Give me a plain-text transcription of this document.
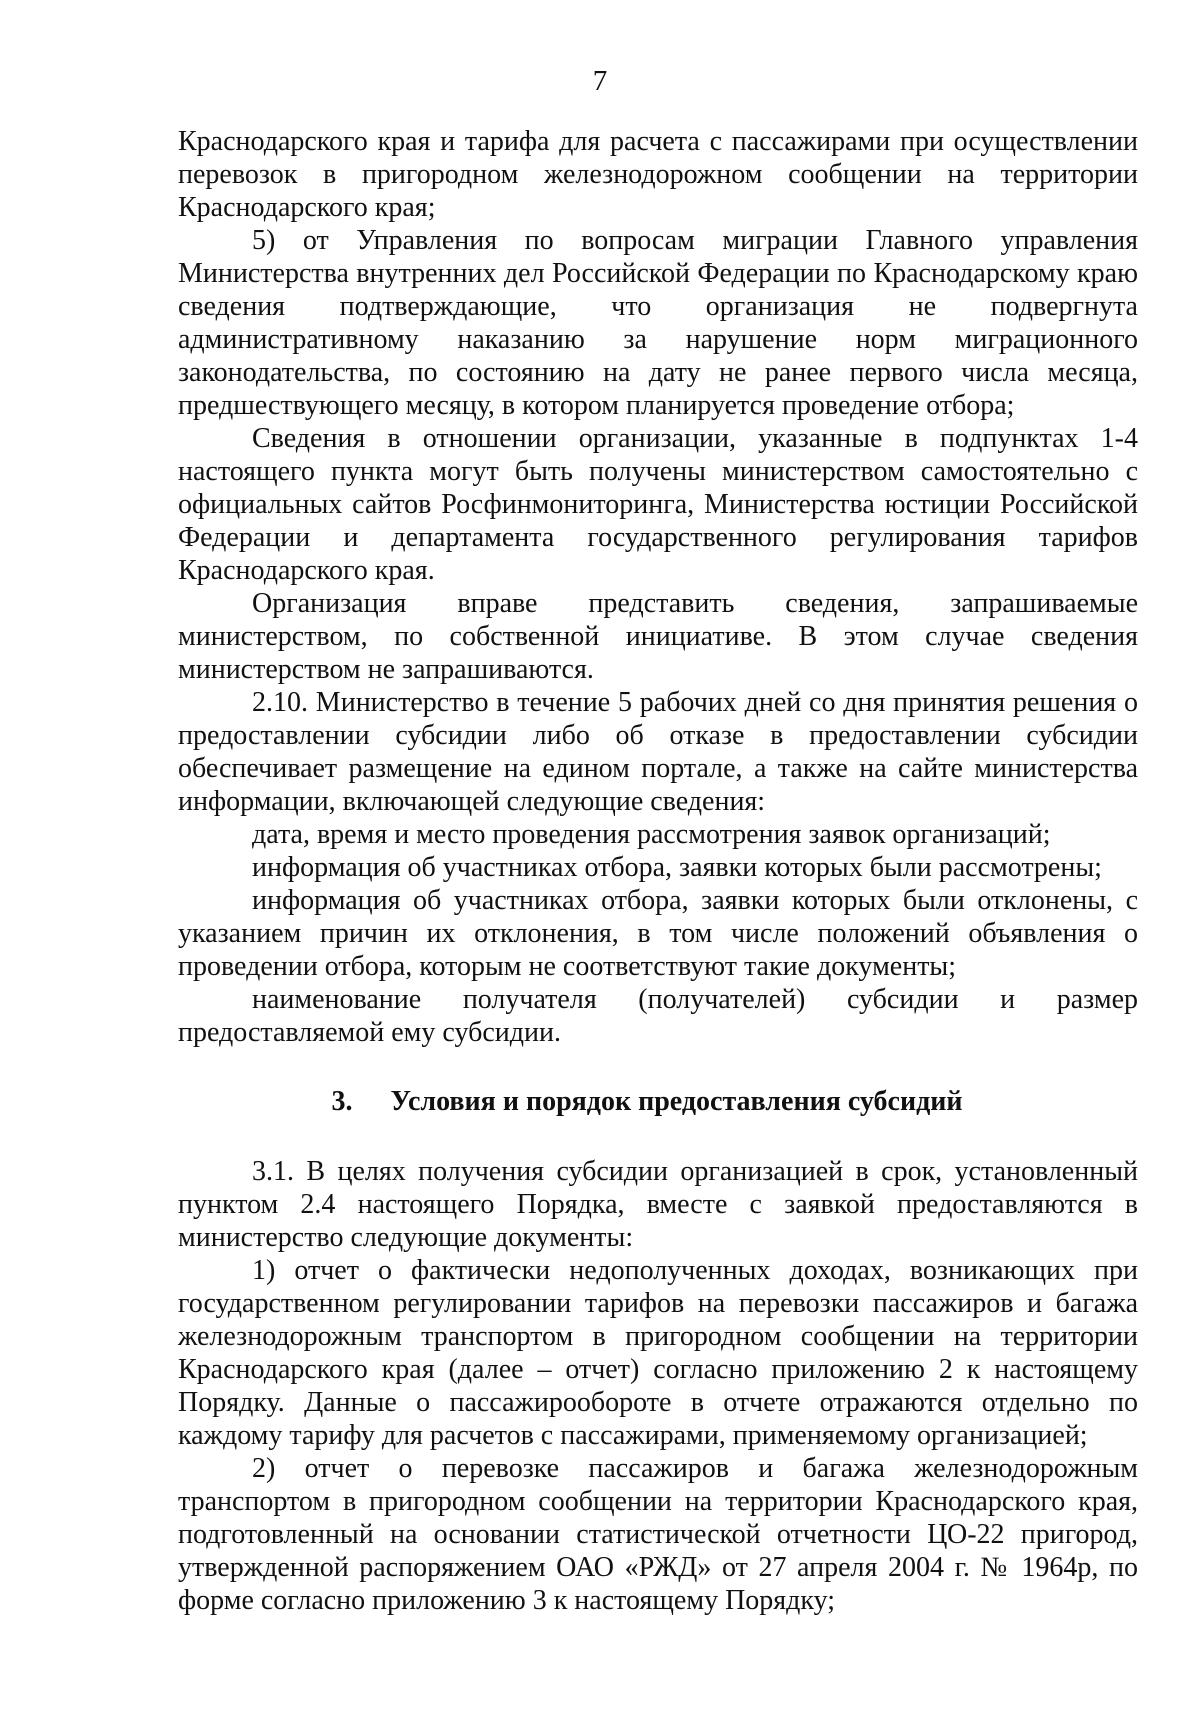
7

Краснодарского края и тарифа для расчета с пассажирами при осуществлении перевозок в пригородном железнодорожном сообщении на территории Краснодарского края;

5) от Управления по вопросам миграции Главного управления Министерства внутренних дел Российской Федерации по Краснодарскому краю сведения подтверждающие, что организация не подвергнута административному наказанию за нарушение норм миграционного законодательства, по состоянию на дату не ранее первого числа месяца, предшествующего месяцу, в котором планируется проведение отбора;

Сведения в отношении организации, указанные в подпунктах 1-4 настоящего пункта могут быть получены министерством самостоятельно с официальных сайтов Росфинмониторинга, Министерства юстиции Российской Федерации и департамента государственного регулирования тарифов Краснодарского края.

Организация вправе представить сведения, запрашиваемые министерством, по собственной инициативе. В этом случае сведения министерством не запрашиваются.

2.10. Министерство в течение 5 рабочих дней со дня принятия решения о предоставлении субсидии либо об отказе в предоставлении субсидии обеспечивает размещение на едином портале, а также на сайте министерства информации, включающей следующие сведения:

дата, время и место проведения рассмотрения заявок организаций;

информация об участниках отбора, заявки которых были рассмотрены;

информация об участниках отбора, заявки которых были отклонены, с указанием причин их отклонения, в том числе положений объявления о проведении отбора, которым не соответствуют такие документы;

наименование получателя (получателей) субсидии и размер предоставляемой ему субсидии.

3. Условия и порядок предоставления субсидий

3.1. В целях получения субсидии организацией в срок, установленный пунктом 2.4 настоящего Порядка, вместе с заявкой предоставляются в министерство следующие документы:

1) отчет о фактически недополученных доходах, возникающих при государственном регулировании тарифов на перевозки пассажиров и багажа железнодорожным транспортом в пригородном сообщении на территории Краснодарского края (далее – отчет) согласно приложению 2 к настоящему Порядку. Данные о пассажирообороте в отчете отражаются отдельно по каждому тарифу для расчетов с пассажирами, применяемому организацией;

2) отчет о перевозке пассажиров и багажа железнодорожным транспортом в пригородном сообщении на территории Краснодарского края, подготовленный на основании статистической отчетности ЦО-22 пригород, утвержденной распоряжением ОАО «РЖД» от 27 апреля 2004 г. № 1964р, по форме согласно приложению 3 к настоящему Порядку;
